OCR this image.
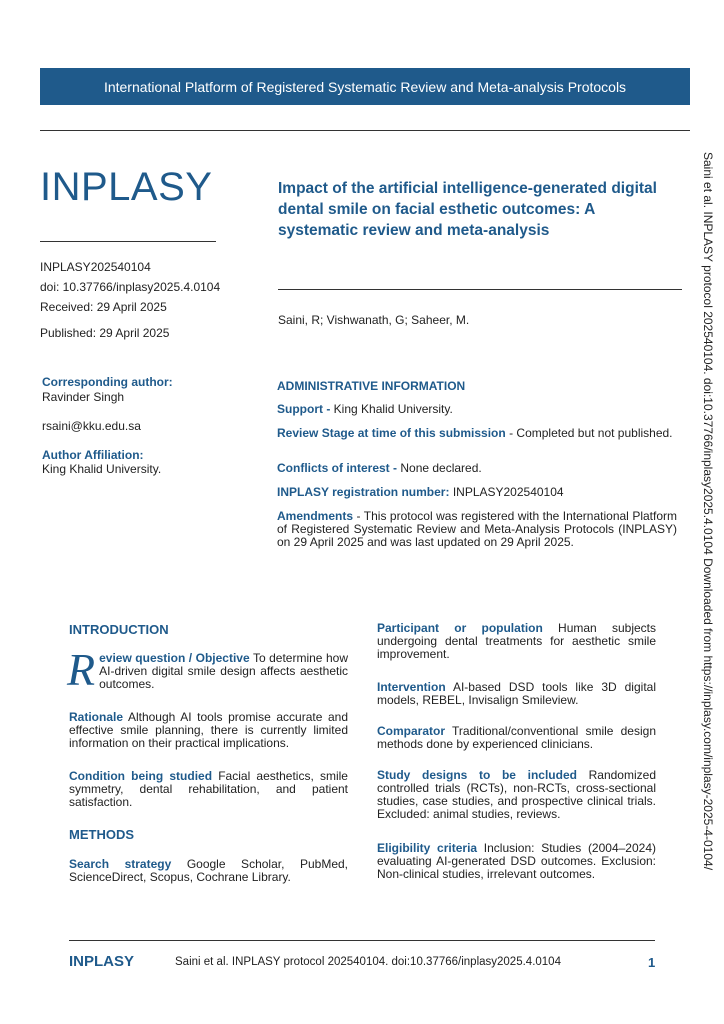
International Platform of Registered Systematic Review and Meta-analysis Protocols
INPLASY
INPLASY202540104
doi: 10.37766/inplasy2025.4.0104
Received: 29 April 2025
Published: 29 April 2025
Impact of the artificial intelligence-generated digital dental smile on facial esthetic outcomes: A systematic review and meta-analysis
Saini, R; Vishwanath, G; Saheer, M.
Corresponding author:
Ravinder Singh
rsaini@kku.edu.sa
Author Affiliation:
King Khalid University.
ADMINISTRATIVE INFORMATION
Support - King Khalid University.
Review Stage at time of this submission - Completed but not published.
Conflicts of interest - None declared.
INPLASY registration number: INPLASY202540104
Amendments - This protocol was registered with the International Platform of Registered Systematic Review and Meta-Analysis Protocols (INPLASY) on 29 April 2025 and was last updated on 29 April 2025.
INTRODUCTION
Review question / Objective To determine how AI-driven digital smile design affects aesthetic outcomes.
Rationale Although AI tools promise accurate and effective smile planning, there is currently limited information on their practical implications.
Condition being studied Facial aesthetics, smile symmetry, dental rehabilitation, and patient satisfaction.
METHODS
Search strategy Google Scholar, PubMed, ScienceDirect, Scopus, Cochrane Library.
Participant or population Human subjects undergoing dental treatments for aesthetic smile improvement.
Intervention AI-based DSD tools like 3D digital models, REBEL, Invisalign Smileview.
Comparator Traditional/conventional smile design methods done by experienced clinicians.
Study designs to be included Randomized controlled trials (RCTs), non-RCTs, cross-sectional studies, case studies, and prospective clinical trials. Excluded: animal studies, reviews.
Eligibility criteria Inclusion: Studies (2004–2024) evaluating AI-generated DSD outcomes. Exclusion: Non-clinical studies, irrelevant outcomes.
Saini et al. INPLASY protocol 202540104. doi:10.37766/inplasy2025.4.0104 Downloaded from https://inplasy.com/inplasy-2025-4-0104/
INPLASY	Saini et al. INPLASY protocol 202540104. doi:10.37766/inplasy2025.4.0104	1
